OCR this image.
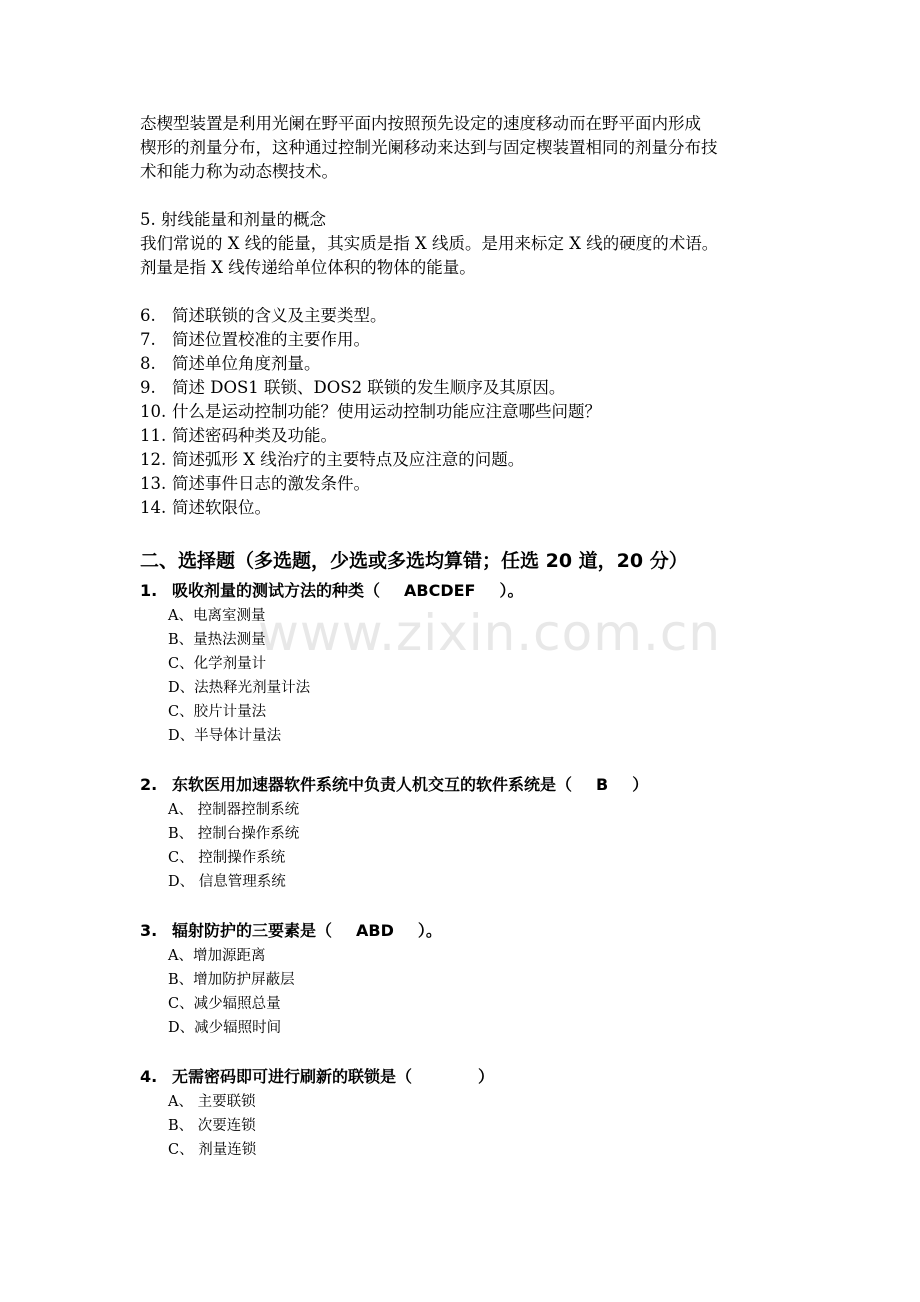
www.zixin.com.cn

态楔型装置是利用光阑在野平面内按照预先设定的速度移动而在野平面内形成
楔形的剂量分布，这种通过控制光阑移动来达到与固定楔装置相同的剂量分布技
术和能力称为动态楔技术。

5. 射线能量和剂量的概念
我们常说的 X 线的能量，其实质是指 X 线质。是用来标定 X 线的硬度的术语。
剂量是指 X 线传递给单位体积的物体的能量。

6. 简述联锁的含义及主要类型。
7. 简述位置校准的主要作用。
8. 简述单位角度剂量。
9. 简述 DOS1 联锁、DOS2 联锁的发生顺序及其原因。
10. 什么是运动控制功能？使用运动控制功能应注意哪些问题？
11. 简述密码种类及功能。
12. 简述弧形 X 线治疗的主要特点及应注意的问题。
13. 简述事件日志的激发条件。
14. 简述软限位。
二、选择题（多选题，少选或多选均算错；任选 20 道，20 分）
1. 吸收剂量的测试方法的种类（ ABCDEF ）。
A、电离室测量
B、量热法测量
C、化学剂量计
D、法热释光剂量计法
C、胶片计量法
D、半导体计量法
2. 东软医用加速器软件系统中负责人机交互的软件系统是（ B ）
A、 控制器控制系统
B、 控制台操作系统
C、 控制操作系统
D、 信息管理系统
3. 辐射防护的三要素是（ ABD ）。
A、增加源距离
B、增加防护屏蔽层
C、减少辐照总量
D、减少辐照时间
4. 无需密码即可进行刷新的联锁是（	）
A、 主要联锁
B、 次要连锁
C、 剂量连锁
